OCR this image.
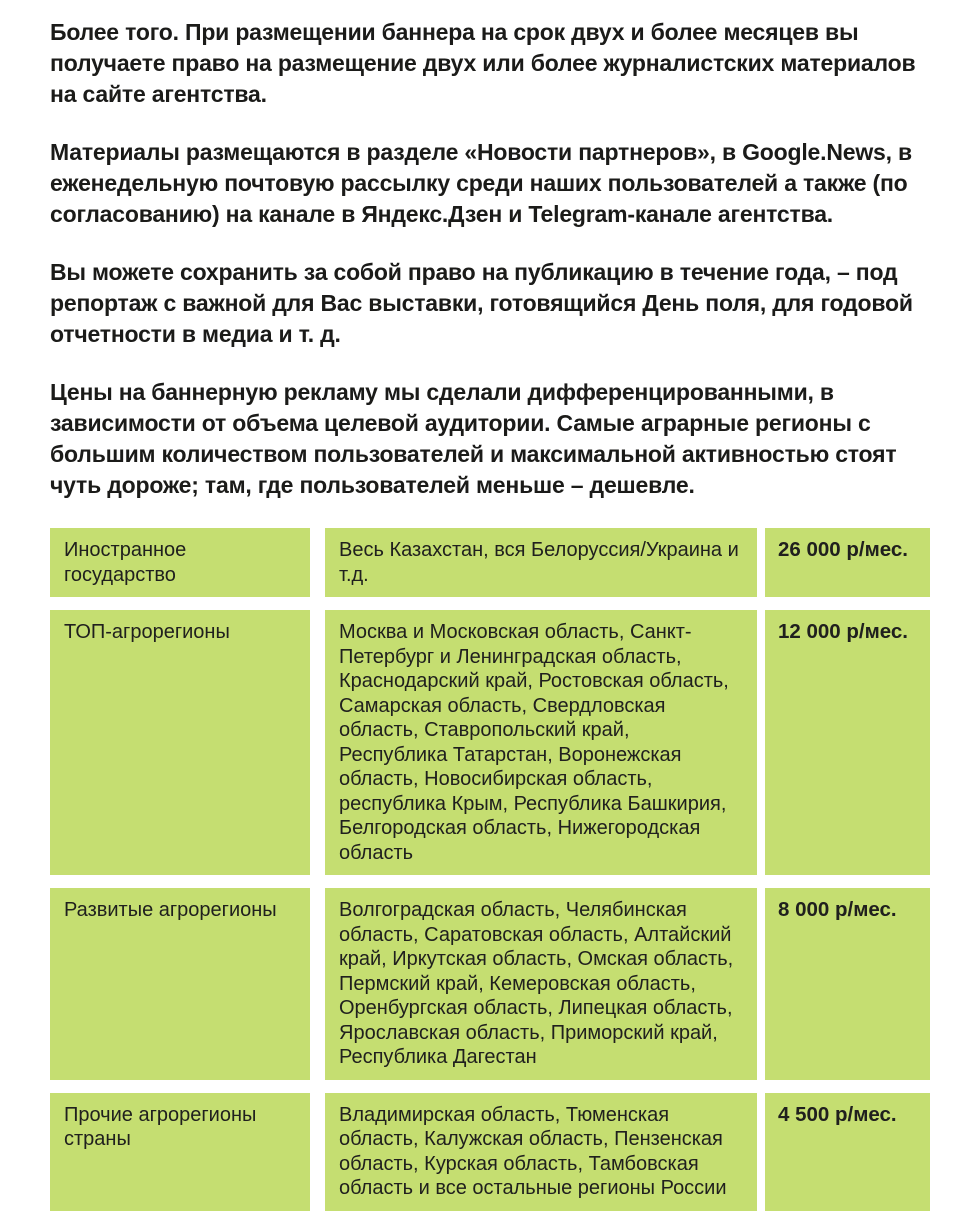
Более того. При размещении баннера на срок двух и более месяцев вы получаете право на размещение двух или более журналистских материалов на сайте агентства.

Материалы размещаются в разделе «Новости партнеров», в Google.News, в еженедельную почтовую рассылку среди наших пользователей а также (по согласованию) на канале в Яндекс.Дзен и Telegram-канале агентства.

Вы можете сохранить за собой право на публикацию в течение года, – под репортаж с важной для Вас выставки, готовящийся День поля, для годовой отчетности в медиа и т. д.

Цены на баннерную рекламу мы сделали дифференцированными, в зависимости от объема целевой аудитории. Самые аграрные регионы с большим количеством пользователей и максимальной активностью стоят чуть дороже; там, где пользователей меньше – дешевле.

Иностранное государство
Весь Казахстан, вся Белоруссия/Украина и т.д.
26 000 р/мес.
ТОП-агрорегионы	Москва и Московская область, Санкт-Петербург и Ленинградская область, Краснодарский край, Ростовская область, Самарская область, Свердловская область, Ставропольский край, Республика Татарстан, Воронежская область, Новосибирская область, республика Крым, Республика Башкирия, Белгородская область, Нижегородская область
12 000 р/мес.
Развитые агрорегионы	Волгоградская область, Челябинская область, Саратовская область, Алтайский край, Иркутская область, Омская область, Пермский край, Кемеровская область, Оренбургская область, Липецкая область, Ярославская область, Приморский край, Республика Дагестан
8 000 р/мес.
Прочие агрорегионы страны
Владимирская область, Тюменская область, Калужская область, Пензенская область, Курская область, Тамбовская область и все остальные регионы России
4 500 р/мес.
